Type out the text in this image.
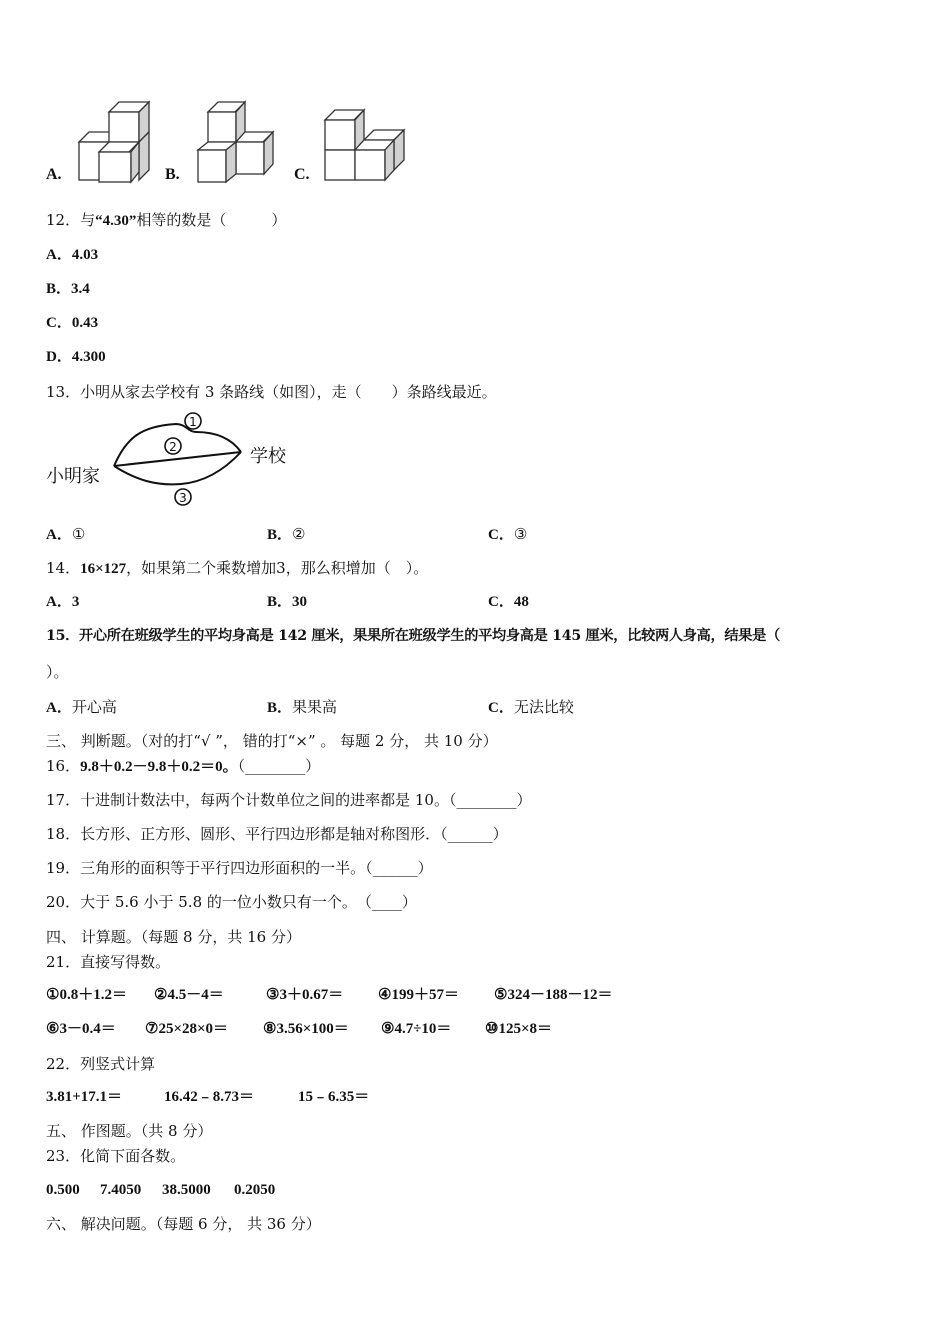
A.	B.	C.
12．与“4.30”相等的数是（　　　）
A．4.03
B．3.4
C．0.43
D．4.300
13．小明从家去学校有 3 条路线（如图），走（　　）条路线最近。
小明家
学校
1
2
3
A．①	B．②	C．③
14．16×127，如果第二个乘数增加3，那么积增加（　）。
A．3	B．30	C．48
15．开心所在班级学生的平均身高是 142 厘米，果果所在班级学生的平均身高是 145 厘米，比较两人身高，结果是（
）。
A．开心高	B．果果高	C．无法比较
三、 判断题。（对的打“√ ”， 错的打“×” 。 每题 2 分， 共 10 分）
16．9.8＋0.2－9.8＋0.2＝0。（________）
17．十进制计数法中，每两个计数单位之间的进率都是 10。（________）
18．长方形、正方形、圆形、平行四边形都是轴对称图形．（______）
19．三角形的面积等于平行四边形面积的一半。（______）
20．大于 5.6 小于 5.8 的一位小数只有一个。　（____）
四、 计算题。（每题 8 分，共 16 分）
21．直接写得数。
①0.8＋1.2＝ ②4.5－4＝	③3＋0.67＝ ④199＋57＝ ⑤324－188－12＝
⑥3－0.4＝ ⑦25×28×0＝ ⑧3.56×100＝ ⑨4.7÷10＝ ⑩125×8＝
22．列竖式计算
3.81+17.1＝	16.42﹣8.73＝	15﹣6.35＝
五、 作图题。（共 8 分）
23．化简下面各数。
0.500 7.4050 38.5000 0.2050
六、 解决问题。（每题 6 分， 共 36 分）
